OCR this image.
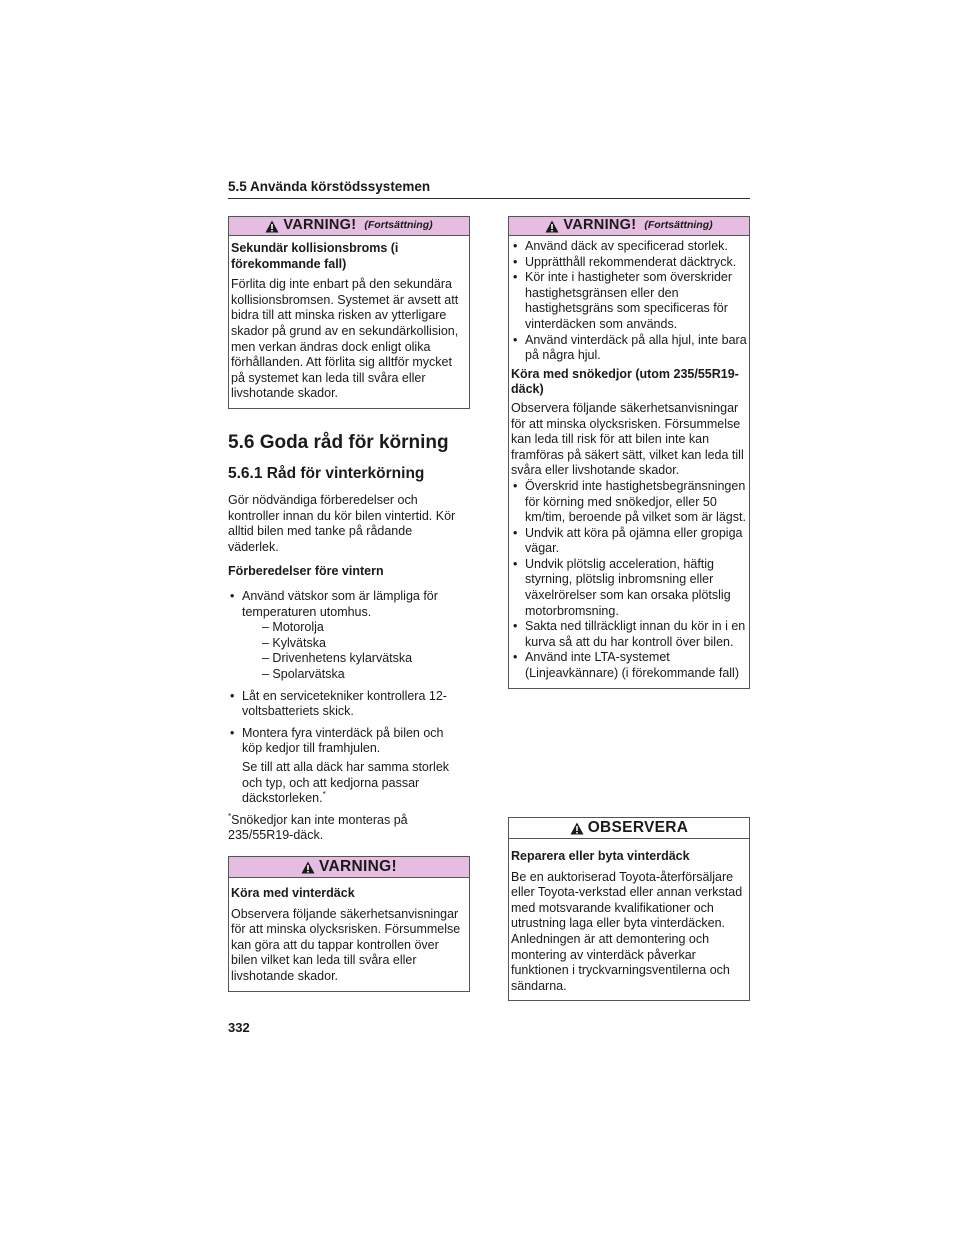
5.5 Använda körstödssystemen
VARNING! (Fortsättning)

Sekundär kollisionsbroms (i förekommande fall)

Förlita dig inte enbart på den sekundära kollisionsbromsen. Systemet är avsett att bidra till att minska risken av ytterligare skador på grund av en sekundärkollision, men verkan ändras dock enligt olika förhållanden. Att förlita sig alltför mycket på systemet kan leda till svåra eller livshotande skador.

5.6 Goda råd för körning
5.6.1 Råd för vinterkörning

Gör nödvändiga förberedelser och kontroller innan du kör bilen vintertid. Kör alltid bilen med tanke på rådande väderlek.

Förberedelser före vintern

• Använd vätskor som är lämpliga för temperaturen utomhus.
– Motorolja
– Kylvätska
– Drivenhetens kylarvätska
– Spolarvätska
• Låt en servicetekniker kontrollera 12-voltsbatteriets skick.
• Montera fyra vinterdäck på bilen och köp kedjor till framhjulen.

Se till att alla däck har samma storlek och typ, och att kedjorna passar däckstorleken.*

*Snökedjor kan inte monteras på 235/55R19-däck.

VARNING!

Köra med vinterdäck

Observera följande säkerhetsanvisningar för att minska olycksrisken. Försummelse kan göra att du tappar kontrollen över bilen vilket kan leda till svåra eller livshotande skador.

VARNING! (Fortsättning)
• Använd däck av specificerad storlek.
• Upprätthåll rekommenderat däcktryck.
• Kör inte i hastigheter som överskrider hastighetsgränsen eller den hastighetsgräns som specificeras för vinterdäcken som används.
• Använd vinterdäck på alla hjul, inte bara på några hjul.

Köra med snökedjor (utom 235/55R19-däck)

Observera följande säkerhetsanvisningar för att minska olycksrisken. Försummelse kan leda till risk för att bilen inte kan framföras på säkert sätt, vilket kan leda till svåra eller livshotande skador.

• Överskrid inte hastighetsbegränsningen för körning med snökedjor, eller 50 km/tim, beroende på vilket som är lägst.
• Undvik att köra på ojämna eller gropiga vägar.
• Undvik plötslig acceleration, häftig styrning, plötslig inbromsning eller växelrörelser som kan orsaka plötslig motorbromsning.
• Sakta ned tillräckligt innan du kör in i en kurva så att du har kontroll över bilen.
• Använd inte LTA-systemet (Linjeavkännare) (i förekommande fall)
OBSERVERA

Reparera eller byta vinterdäck

Be en auktoriserad Toyota-återförsäljare eller Toyota-verkstad eller annan verkstad med motsvarande kvalifikationer och utrustning laga eller byta vinterdäcken. Anledningen är att demontering och montering av vinterdäck påverkar funktionen i tryckvarningsventilerna och sändarna.

332
